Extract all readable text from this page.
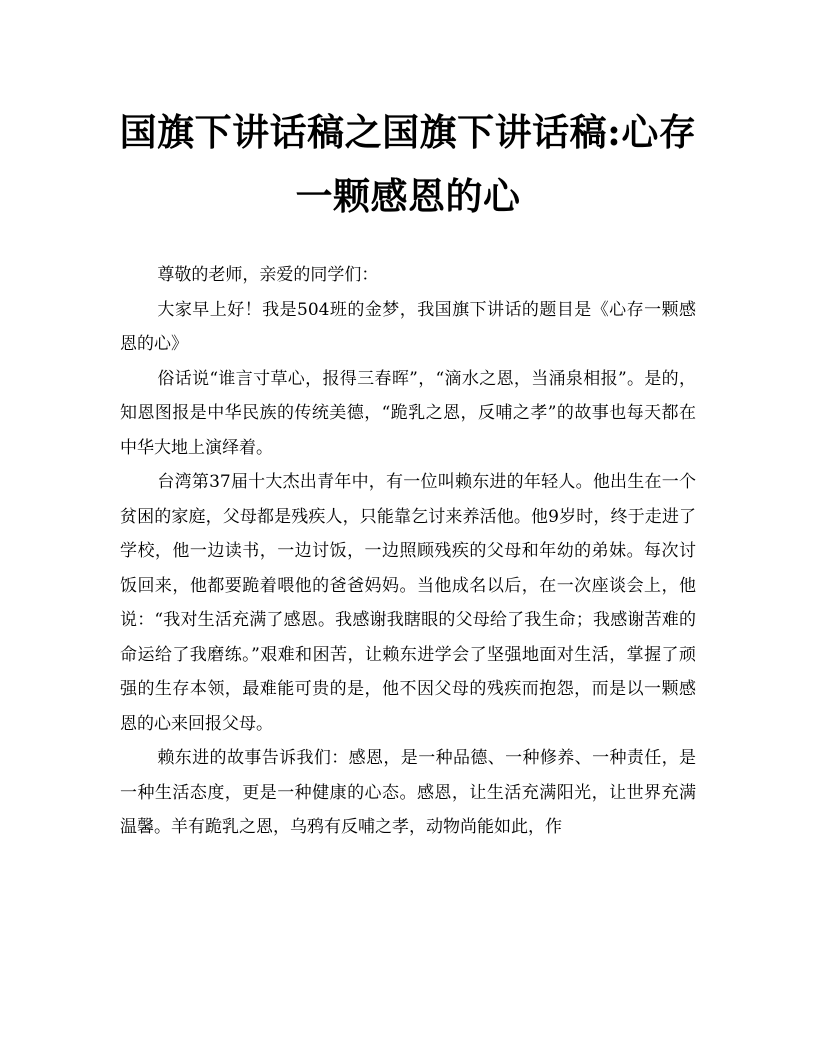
国旗下讲话稿之国旗下讲话稿:心存一颗感恩的心

尊敬的老师，亲爱的同学们：

大家早上好！我是504班的金梦，我国旗下讲话的题目是《心存一颗感恩的心》

俗话说“谁言寸草心，报得三春晖”，“滴水之恩，当涌泉相报”。是的，知恩图报是中华民族的传统美德，“跪乳之恩，反哺之孝”的故事也每天都在中华大地上演绎着。

台湾第37届十大杰出青年中，有一位叫赖东进的年轻人。他出生在一个贫困的家庭，父母都是残疾人，只能靠乞讨来养活他。他9岁时，终于走进了学校，他一边读书，一边讨饭，一边照顾残疾的父母和年幼的弟妹。每次讨饭回来，他都要跪着喂他的爸爸妈妈。当他成名以后，在一次座谈会上，他说：“我对生活充满了感恩。我感谢我瞎眼的父母给了我生命；我感谢苦难的命运给了我磨练。”艰难和困苦，让赖东进学会了坚强地面对生活，掌握了顽强的生存本领，最难能可贵的是，他不因父母的残疾而抱怨，而是以一颗感恩的心来回报父母。

赖东进的故事告诉我们：感恩，是一种品德、一种修养、一种责任，是一种生活态度，更是一种健康的心态。感恩，让生活充满阳光，让世界充满温馨。羊有跪乳之恩，乌鸦有反哺之孝，动物尚能如此，作
